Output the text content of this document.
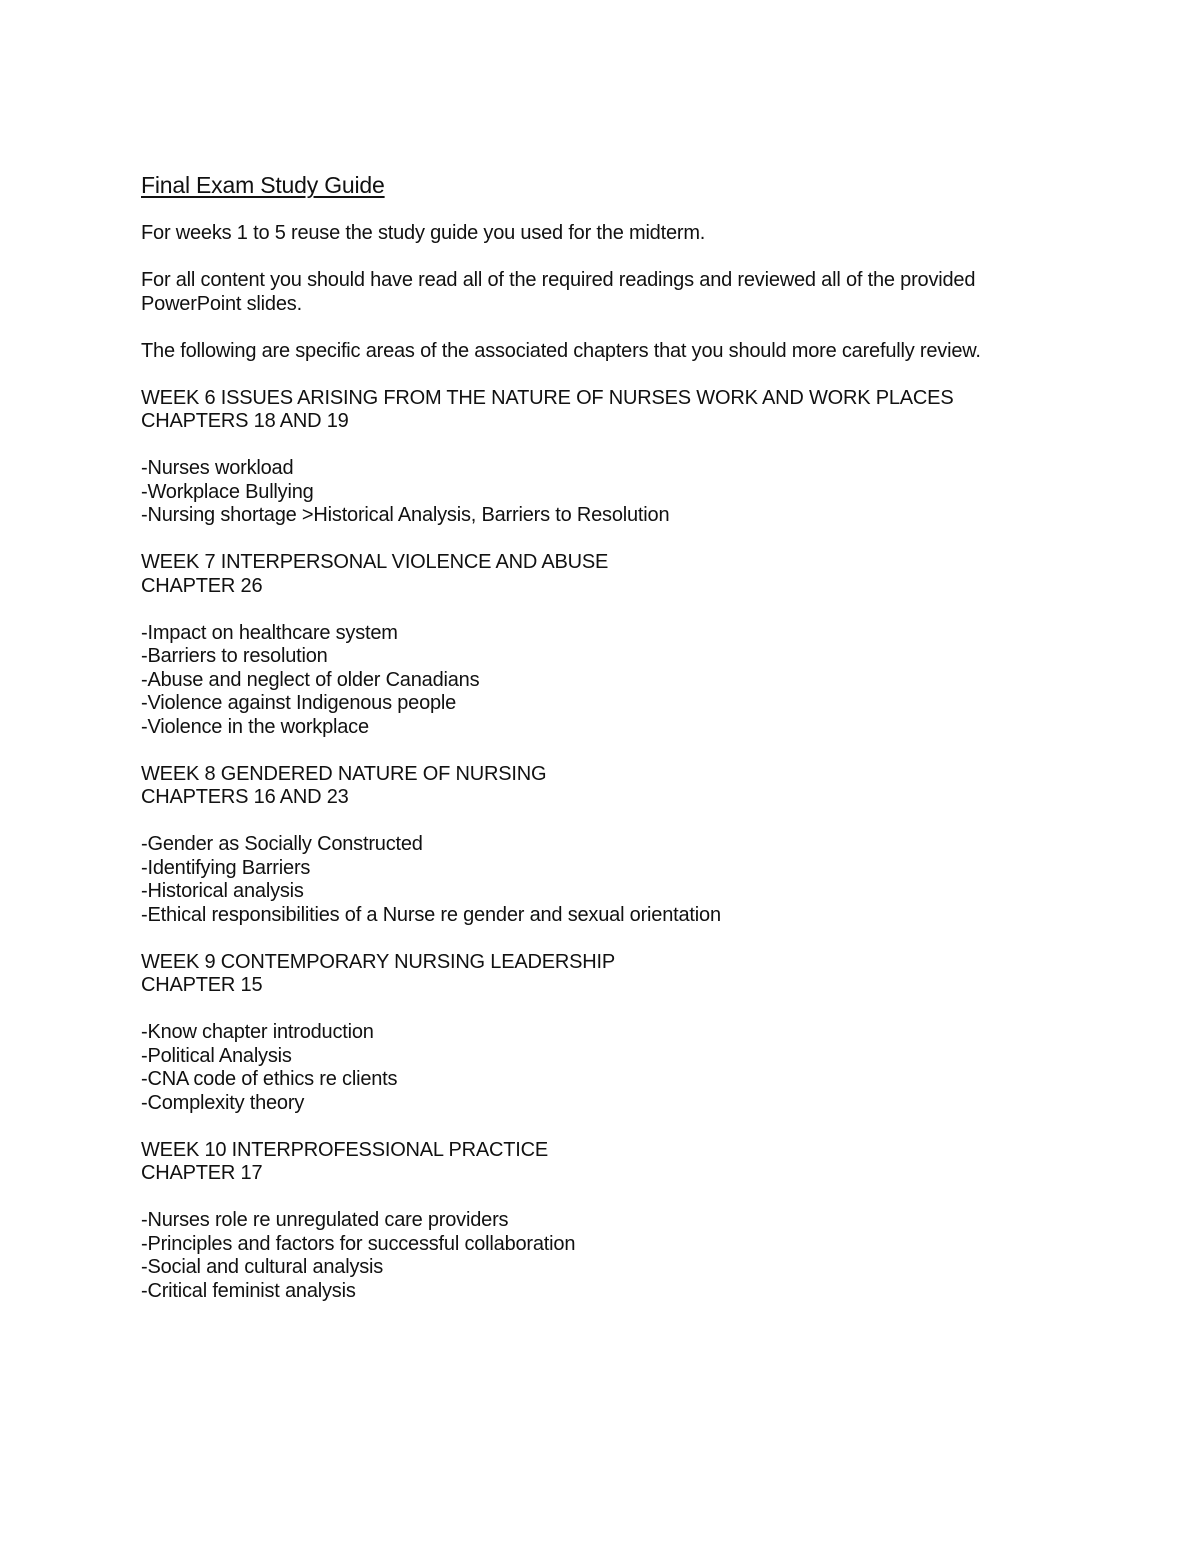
Final Exam Study Guide

For weeks 1 to 5 reuse the study guide you used for the midterm.

For all content you should have read all of the required readings and reviewed all of the provided PowerPoint slides.

The following are specific areas of the associated chapters that you should more carefully review.

WEEK 6 ISSUES ARISING FROM THE NATURE OF NURSES WORK AND WORK PLACES
CHAPTERS 18 AND 19
-Nurses workload
-Workplace Bullying
-Nursing shortage >Historical Analysis, Barriers to Resolution
WEEK 7 INTERPERSONAL VIOLENCE AND ABUSE
CHAPTER 26
-Impact on healthcare system
-Barriers to resolution
-Abuse and neglect of older Canadians
-Violence against Indigenous people
-Violence in the workplace
WEEK 8 GENDERED NATURE OF NURSING
CHAPTERS 16 AND 23
-Gender as Socially Constructed
-Identifying Barriers
-Historical analysis
-Ethical responsibilities of a Nurse re gender and sexual orientation
WEEK 9 CONTEMPORARY NURSING LEADERSHIP
CHAPTER 15
-Know chapter introduction
-Political Analysis
-CNA code of ethics re clients
-Complexity theory
WEEK 10 INTERPROFESSIONAL PRACTICE
CHAPTER 17
-Nurses role re unregulated care providers
-Principles and factors for successful collaboration
-Social and cultural analysis
-Critical feminist analysis
